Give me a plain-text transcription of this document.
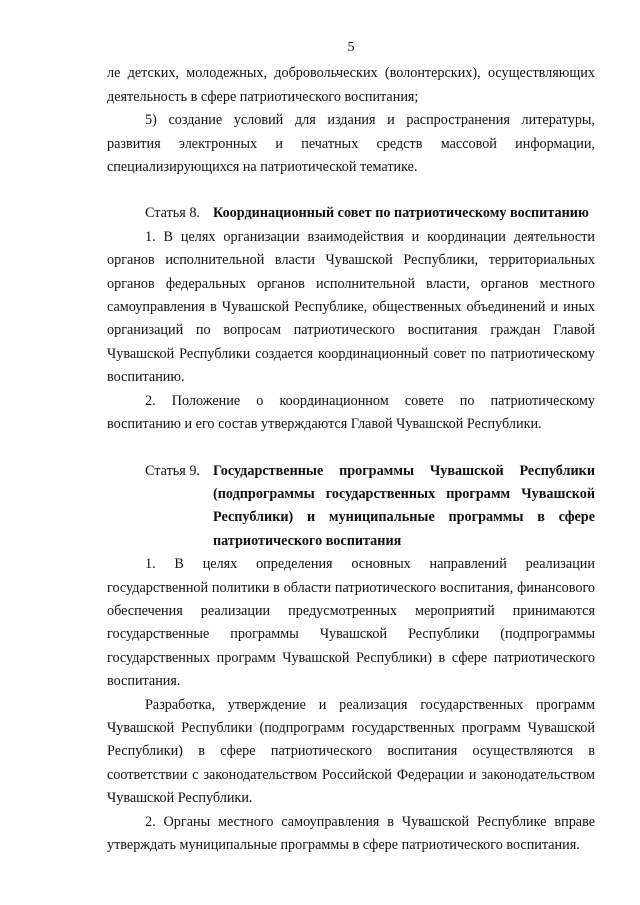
5

ле детских, молодежных, добровольческих (волонтерских), осуществляющих деятельность в сфере патриотического воспитания;

5) создание условий для издания и распространения литературы, развития электронных и печатных средств массовой информации, специализирующихся на патриотической тематике.

Статья 8. Координационный совет по патриотическому воспитанию

1. В целях организации взаимодействия и координации деятельности органов исполнительной власти Чувашской Республики, территориальных органов федеральных органов исполнительной власти, органов местного самоуправления в Чувашской Республике, общественных объединений и иных организаций по вопросам патриотического воспитания граждан Главой Чувашской Республики создается координационный совет по патриотическому воспитанию.

2. Положение о координационном совете по патриотическому воспитанию и его состав утверждаются Главой Чувашской Республики.

Статья 9. Государственные программы Чувашской Республики (подпрограммы государственных программ Чувашской Республики) и муниципальные программы в сфере патриотического воспитания

1. В целях определения основных направлений реализации государственной политики в области патриотического воспитания, финансового обеспечения реализации предусмотренных мероприятий принимаются государственные программы Чувашской Республики (подпрограммы государственных программ Чувашской Республики) в сфере патриотического воспитания.

Разработка, утверждение и реализация государственных программ Чувашской Республики (подпрограмм государственных программ Чувашской Республики) в сфере патриотического воспитания осуществляются в соответствии с законодательством Российской Федерации и законодательством Чувашской Республики.

2. Органы местного самоуправления в Чувашской Республике вправе утверждать муниципальные программы в сфере патриотического воспитания.
